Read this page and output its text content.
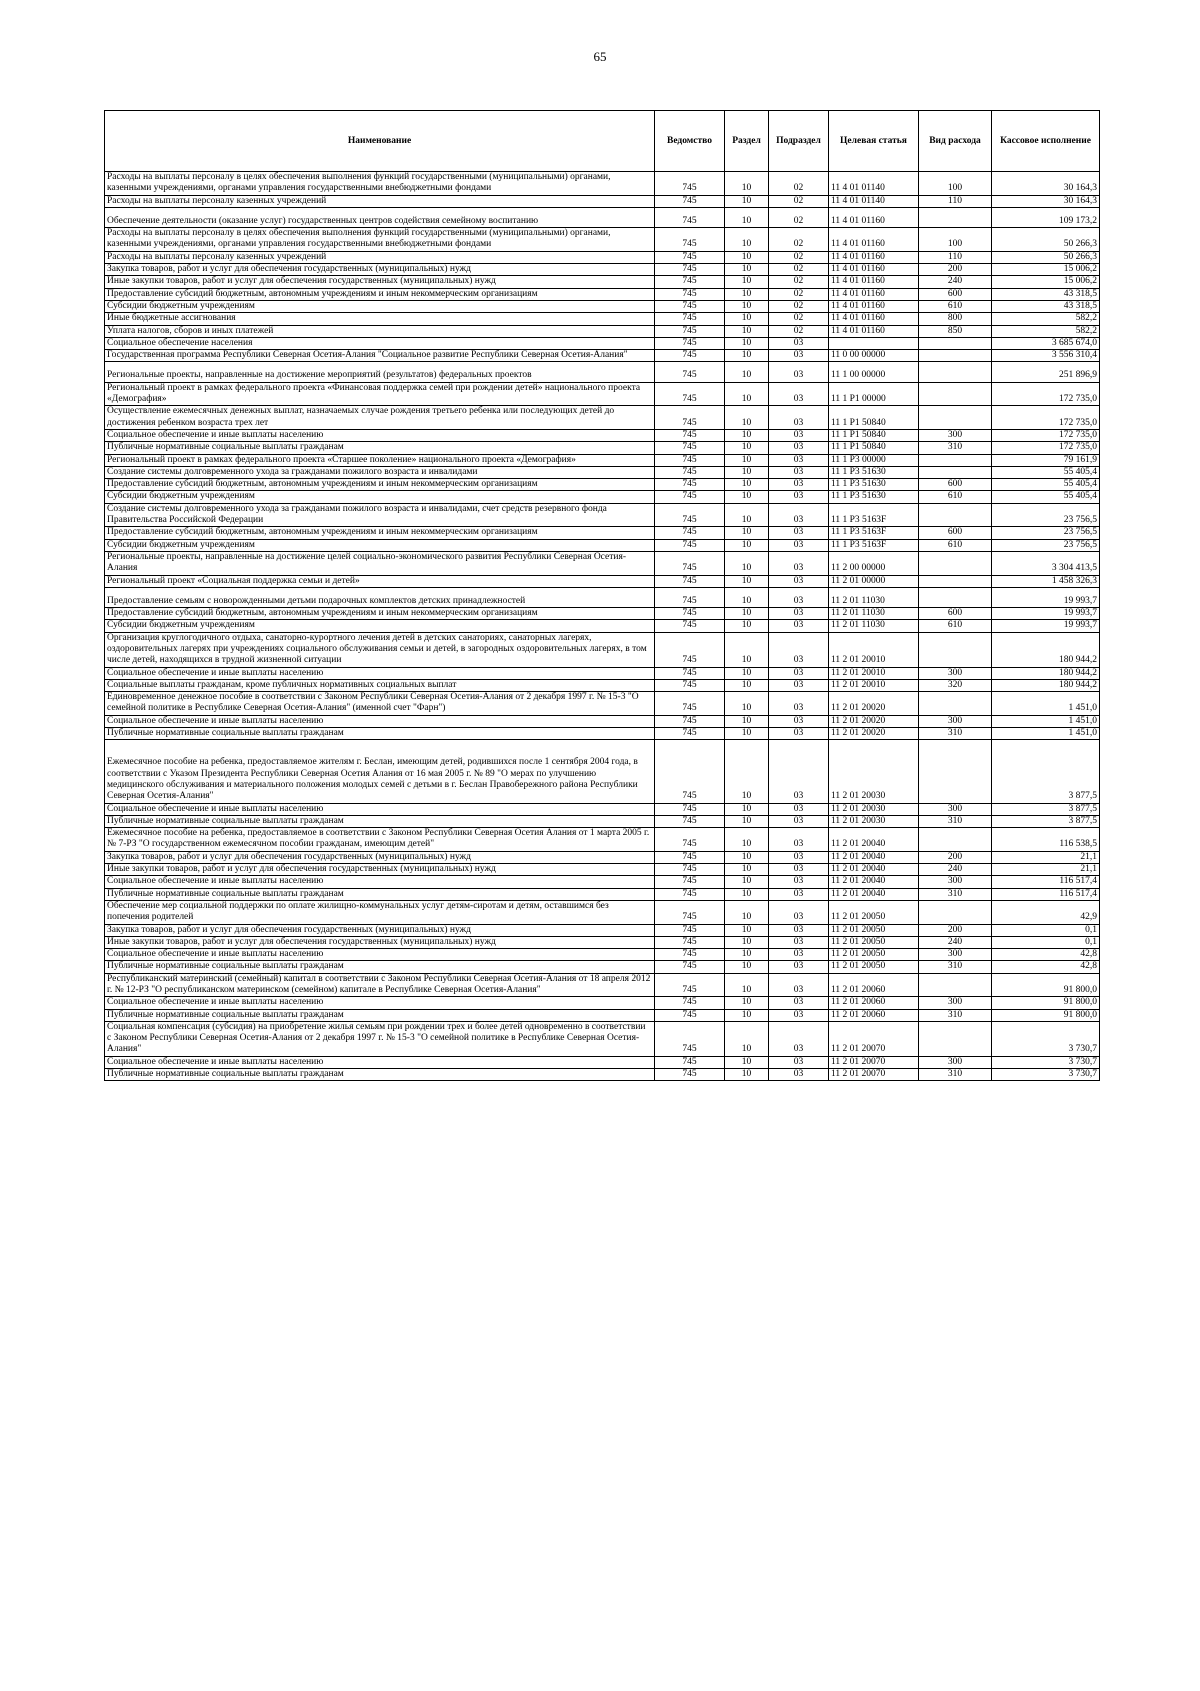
65
Наименование	Ведомство	Раздел	Подраздел	Целевая статья	Вид расхода	Кассовое исполнение
Расходы на выплаты персоналу в целях обеспечения выполнения функций государственными (муниципальными) органами, казенными учреждениями, органами управления государственными внебюджетными фондами	745	10	02	11 4 01 01140	100	30 164,3
Расходы на выплаты персоналу казенных учреждений	745	10	02	11 4 01 01140	110	30 164,3
Обеспечение деятельности (оказание услуг) государственных центров содействия семейному воспитанию	745	10	02	11 4 01 01160		109 173,2
Расходы на выплаты персоналу в целях обеспечения выполнения функций государственными (муниципальными) органами, казенными учреждениями, органами управления государственными внебюджетными фондами	745	10	02	11 4 01 01160	100	50 266,3
Расходы на выплаты персоналу казенных учреждений	745	10	02	11 4 01 01160	110	50 266,3
Закупка товаров, работ и услуг для обеспечения государственных (муниципальных) нужд	745	10	02	11 4 01 01160	200	15 006,2
Иные закупки товаров, работ и услуг для обеспечения государственных (муниципальных) нужд	745	10	02	11 4 01 01160	240	15 006,2
Предоставление субсидий бюджетным, автономным учреждениям и иным некоммерческим организациям	745	10	02	11 4 01 01160	600	43 318,5
Субсидии бюджетным учреждениям	745	10	02	11 4 01 01160	610	43 318,5
Иные бюджетные ассигнования	745	10	02	11 4 01 01160	800	582,2
Уплата налогов, сборов и иных платежей	745	10	02	11 4 01 01160	850	582,2
Социальное обеспечение населения	745	10	03			3 685 674,0
Государственная программа Республики Северная Осетия-Алания "Социальное развитие Республики Северная Осетия-Алания"	745	10	03	11 0 00 00000		3 556 310,4
Региональные проекты, направленные на достижение мероприятий (результатов) федеральных проектов	745	10	03	11 1 00 00000		251 896,9
Региональный проект в рамках федерального проекта «Финансовая поддержка семей при рождении детей» национального проекта «Демография»	745	10	03	11 1 P1 00000		172 735,0
Осуществление ежемесячных денежных выплат, назначаемых случае рождения третьего ребенка или последующих детей до достижения ребенком возраста трех лет	745	10	03	11 1 P1 50840		172 735,0
Социальное обеспечение и иные выплаты населению	745	10	03	11 1 P1 50840	300	172 735,0
Публичные нормативные социальные выплаты гражданам	745	10	03	11 1 P1 50840	310	172 735,0
Региональный проект в рамках федерального проекта «Старшее поколение» национального проекта «Демография»	745	10	03	11 1 P3 00000		79 161,9
Создание системы долговременного ухода за гражданами пожилого возраста и инвалидами	745	10	03	11 1 P3 51630		55 405,4
Предоставление субсидий бюджетным, автономным учреждениям и иным некоммерческим организациям	745	10	03	11 1 P3 51630	600	55 405,4
Субсидии бюджетным учреждениям	745	10	03	11 1 P3 51630	610	55 405,4
Создание системы долговременного ухода за гражданами пожилого возраста и инвалидами, счет средств резервного фонда Правительства Российской Федерации	745	10	03	11 1 P3 5163F		23 756,5
Предоставление субсидий бюджетным, автономным учреждениям и иным некоммерческим организациям	745	10	03	11 1 P3 5163F	600	23 756,5
Субсидии бюджетным учреждениям	745	10	03	11 1 P3 5163F	610	23 756,5
Региональные проекты, направленные на достижение целей социально-экономического развития Республики Северная Осетия-Алания	745	10	03	11 2 00 00000		3 304 413,5
Региональный проект «Социальная поддержка семьи и детей»	745	10	03	11 2 01 00000		1 458 326,3
Предоставление семьям с новорожденными детьми подарочных комплектов детских принадлежностей	745	10	03	11 2 01 11030		19 993,7
Предоставление субсидий бюджетным, автономным учреждениям и иным некоммерческим организациям	745	10	03	11 2 01 11030	600	19 993,7
Субсидии бюджетным учреждениям	745	10	03	11 2 01 11030	610	19 993,7
Организация круглогодичного отдыха, санаторно-курортного лечения детей в детских санаториях, санаторных лагерях, оздоровительных лагерях при учреждениях социального обслуживания семьи и детей, в загородных оздоровительных лагерях, в том числе детей, находящихся в трудной жизненной ситуации	745	10	03	11 2 01 20010		180 944,2
Социальное обеспечение и иные выплаты населению	745	10	03	11 2 01 20010	300	180 944,2
Социальные выплаты гражданам, кроме публичных нормативных социальных выплат	745	10	03	11 2 01 20010	320	180 944,2
Единовременное денежное пособие в соответствии с Законом Республики Северная Осетия-Алания от 2 декабря 1997 г. № 15-3 "О семейной политике в Республике Северная Осетия-Алания" (именной счет "Фарн")	745	10	03	11 2 01 20020		1 451,0
Социальное обеспечение и иные выплаты населению	745	10	03	11 2 01 20020	300	1 451,0
Публичные нормативные социальные выплаты гражданам	745	10	03	11 2 01 20020	310	1 451,0
Ежемесячное пособие на ребенка, предоставляемое жителям г. Беслан, имеющим детей, родившихся после 1 сентября 2004 года, в соответствии с Указом Президента Республики Северная Осетия Алания от 16 мая 2005 г. № 89 "О мерах по улучшению медицинского обслуживания и материального положения молодых семей с детьми в г. Беслан Правобережного района Республики Северная Осетия-Алания"	745	10	03	11 2 01 20030		3 877,5
Социальное обеспечение и иные выплаты населению	745	10	03	11 2 01 20030	300	3 877,5
Публичные нормативные социальные выплаты гражданам	745	10	03	11 2 01 20030	310	3 877,5
Ежемесячное пособие на ребенка, предоставляемое в соответствии с Законом Республики Северная Осетия Алания от 1 марта 2005 г. № 7-РЗ "О государственном ежемесячном пособии гражданам, имеющим детей"	745	10	03	11 2 01 20040		116 538,5
Закупка товаров, работ и услуг для обеспечения государственных (муниципальных) нужд	745	10	03	11 2 01 20040	200	21,1
Иные закупки товаров, работ и услуг для обеспечения государственных (муниципальных) нужд	745	10	03	11 2 01 20040	240	21,1
Социальное обеспечение и иные выплаты населению	745	10	03	11 2 01 20040	300	116 517,4
Публичные нормативные социальные выплаты гражданам	745	10	03	11 2 01 20040	310	116 517,4
Обеспечение мер социальной поддержки по оплате жилищно-коммунальных услуг детям-сиротам и детям, оставшимся без попечения родителей	745	10	03	11 2 01 20050		42,9
Закупка товаров, работ и услуг для обеспечения государственных (муниципальных) нужд	745	10	03	11 2 01 20050	200	0,1
Иные закупки товаров, работ и услуг для обеспечения государственных (муниципальных) нужд	745	10	03	11 2 01 20050	240	0,1
Социальное обеспечение и иные выплаты населению	745	10	03	11 2 01 20050	300	42,8
Публичные нормативные социальные выплаты гражданам	745	10	03	11 2 01 20050	310	42,8
Республиканский материнский (семейный) капитал в соответствии с Законом Республики Северная Осетия-Алания от 18 апреля 2012 г. № 12-РЗ "О республиканском материнском (семейном) капитале в Республике Северная Осетия-Алания"	745	10	03	11 2 01 20060		91 800,0
Социальное обеспечение и иные выплаты населению	745	10	03	11 2 01 20060	300	91 800,0
Публичные нормативные социальные выплаты гражданам	745	10	03	11 2 01 20060	310	91 800,0
Социальная компенсация (субсидия) на приобретение жилья семьям при рождении трех и более детей одновременно в соответствии с Законом Республики Северная Осетия-Алания от 2 декабря 1997 г. № 15-3 "О семейной политике в Республике Северная Осетия-Алания"	745	10	03	11 2 01 20070		3 730,7
Социальное обеспечение и иные выплаты населению	745	10	03	11 2 01 20070	300	3 730,7
Публичные нормативные социальные выплаты гражданам	745	10	03	11 2 01 20070	310	3 730,7
